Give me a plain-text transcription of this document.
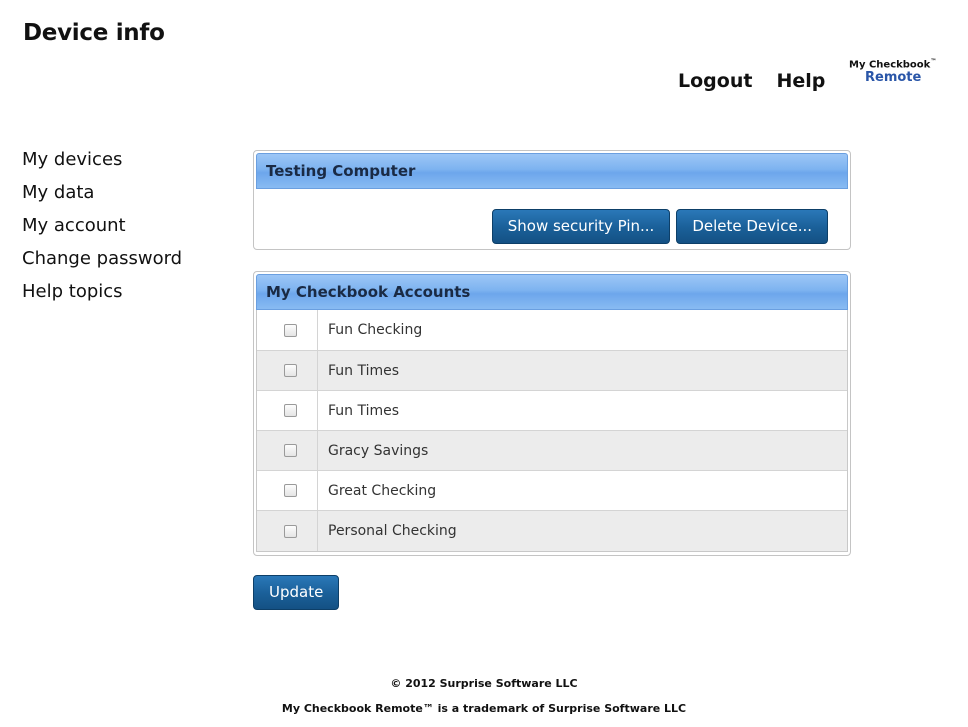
Device info
Logout Help
My Checkbook™
Remote
My devices
My data
My account
Change password
Help topics
Testing Computer
Show security Pin...	Delete Device...
My Checkbook Accounts
Fun Checking
Fun Times
Fun Times
Gracy Savings
Great Checking
Personal Checking
Update
© 2012 Surprise Software LLC
My Checkbook Remote™ is a trademark of Surprise Software LLC
